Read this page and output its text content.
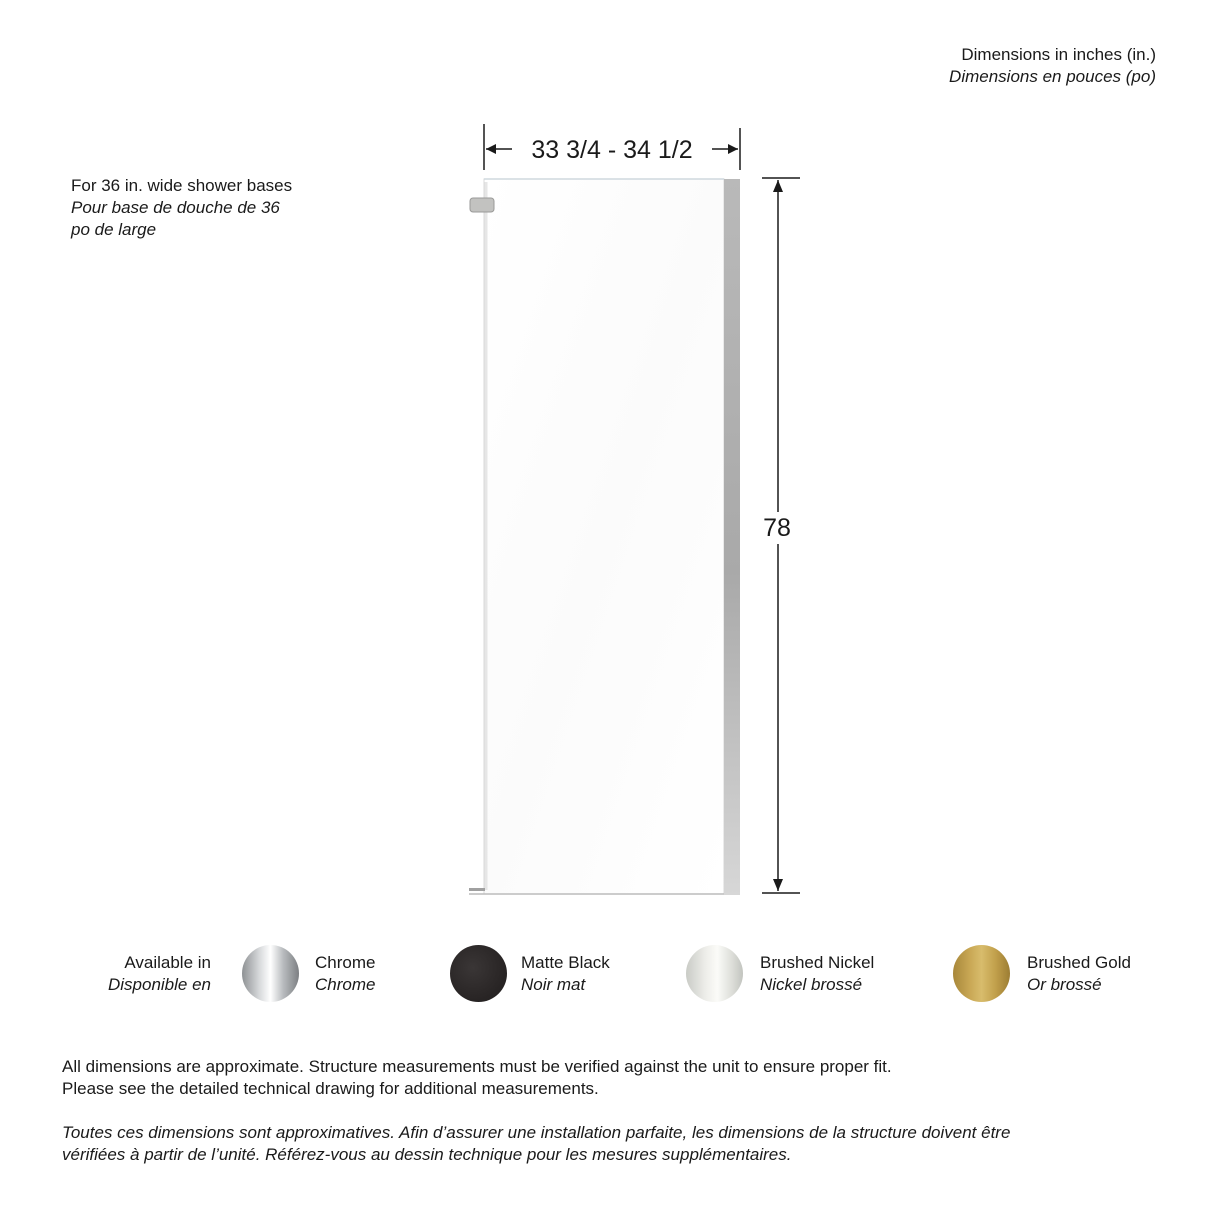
Dimensions in inches (in.)
Dimensions en pouces (po)
For 36 in. wide shower bases
Pour base de douche de 36
po de large
33 3/4 - 34 1/2
78
Available in
Disponible en
Chrome
Chrome
Matte Black
Noir mat
Brushed Nickel
Nickel brossé
Brushed Gold
Or brossé
All dimensions are approximate. Structure measurements must be verified against the unit to ensure proper fit.
Please see the detailed technical drawing for additional measurements.
Toutes ces dimensions sont approximatives. Afin d’assurer une installation parfaite, les dimensions de la structure doivent être
vérifiées à partir de l’unité. Référez-vous au dessin technique pour les mesures supplémentaires.
